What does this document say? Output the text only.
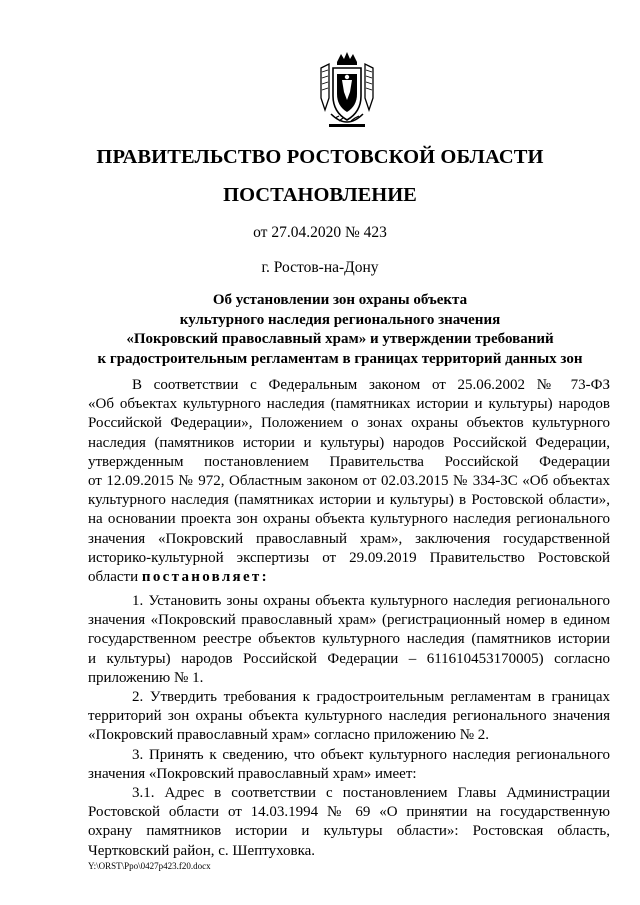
ПРАВИТЕЛЬСТВО РОСТОВСКОЙ ОБЛАСТИ
ПОСТАНОВЛЕНИЕ
от 27.04.2020 № 423
г. Ростов-на-Дону
Об установлении зон охраны объекта
культурного наследия регионального значения
«Покровский православный храм» и утверждении требований
к градостроительным регламентам в границах территорий данных зон
В соответствии с Федеральным законом от 25.06.2002 № 73-ФЗ
«Об объектах культурного наследия (памятниках истории и культуры) народов
Российской Федерации», Положением о зонах охраны объектов культурного
наследия (памятников истории и культуры) народов Российской Федерации,
утвержденным постановлением Правительства Российской Федерации
от 12.09.2015 № 972, Областным законом от 02.03.2015 № 334-ЗС «Об объектах
культурного наследия (памятниках истории и культуры) в Ростовской области»,
на основании проекта зон охраны объекта культурного наследия регионального
значения «Покровский православный храм», заключения государственной
историко-культурной экспертизы от 29.09.2019 Правительство Ростовской
области постановляет:
1. Установить зоны охраны объекта культурного наследия регионального
значения «Покровский православный храм» (регистрационный номер в едином
государственном реестре объектов культурного наследия (памятников истории
и культуры) народов Российской Федерации – 611610453170005) согласно
приложению № 1.
2. Утвердить требования к градостроительным регламентам в границах
территорий зон охраны объекта культурного наследия регионального значения
«Покровский православный храм» согласно приложению № 2.
3. Принять к сведению, что объект культурного наследия регионального
значения «Покровский православный храм» имеет:
3.1. Адрес в соответствии с постановлением Главы Администрации
Ростовской области от 14.03.1994 № 69 «О принятии на государственную
охрану памятников истории и культуры области»: Ростовская область,
Чертковский район, с. Шептуховка.
Y:\ORST\Ppo\0427p423.f20.docx
